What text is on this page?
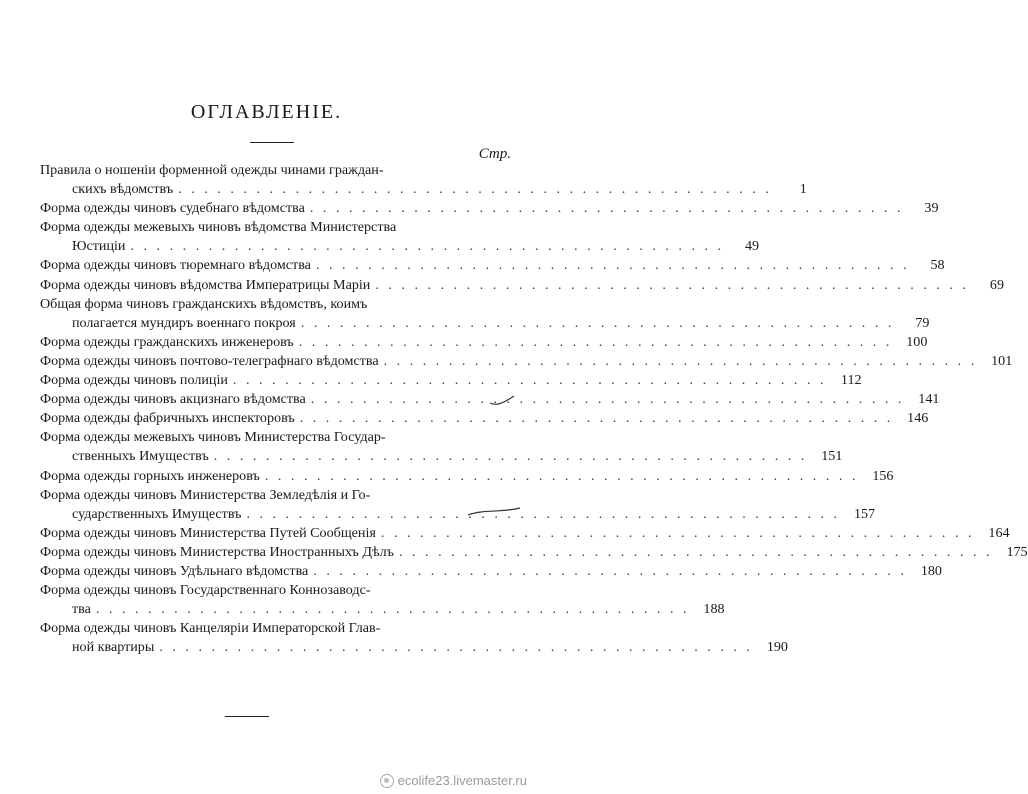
ОГЛАВЛЕНІЕ.
Стр.
Правила о ношеніи форменной одежды чинами граждан-
скихъ вѣдомствъ . . . . . . . . . . . . . . . . . . . . . . . . . . . . . . . . . . . . . . . . . . . . . .	1
Форма одежды чиновъ судебнаго вѣдомства . . . . . . . . . . . . . . . . . . . . . . . . . . . . . . . . . . . . . . . . . . . . . .	39
Форма одежды межевыхъ чиновъ вѣдомства Министерства
Юстиціи . . . . . . . . . . . . . . . . . . . . . . . . . . . . . . . . . . . . . . . . . . . . . .	49
Форма одежды чиновъ тюремнаго вѣдомства . . . . . . . . . . . . . . . . . . . . . . . . . . . . . . . . . . . . . . . . . . . . . .	58
Форма одежды чиновъ вѣдомства Императрицы Маріи . . . . . . . . . . . . . . . . . . . . . . . . . . . . . . . . . . . . . . . . . . . . . .	69
Общая форма чиновъ гражданскихъ вѣдомствъ, коимъ
полагается мундиръ военнаго покроя . . . . . . . . . . . . . . . . . . . . . . . . . . . . . . . . . . . . . . . . . . . . . .	79
Форма одежды гражданскихъ инженеровъ . . . . . . . . . . . . . . . . . . . . . . . . . . . . . . . . . . . . . . . . . . . . . . 100
Форма одежды чиновъ почтово-телеграфнаго вѣдомства . . . . . . . . . . . . . . . . . . . . . . . . . . . . . . . . . . . . . . . . . . . . . . 101
Форма одежды чиновъ полиціи . . . . . . . . . . . . . . . . . . . . . . . . . . . . . . . . . . . . . . . . . . . . . .	112
Форма одежды чиновъ акцизнаго вѣдомства . . . . . . . . . . . . . . . . . . . . . . . . . . . . . . . . . . . . . . . . . . . . . . 141
Форма одежды фабричныхъ инспекторовъ . . . . . . . . . . . . . . . . . . . . . . . . . . . . . . . . . . . . . . . . . . . . . . 146
Форма одежды межевыхъ чиновъ Министерства Государ-
ственныхъ Имуществъ . . . . . . . . . . . . . . . . . . . . . . . . . . . . . . . . . . . . . . . . . . . . . . 151
Форма одежды горныхъ инженеровъ . . . . . . . . . . . . . . . . . . . . . . . . . . . . . . . . . . . . . . . . . . . . . . 156
Форма одежды чиновъ Министерства Земледѣлія и Го-
сударственныхъ Имуществъ . . . . . . . . . . . . . . . . . . . . . . . . . . . . . . . . . . . . . . . . . . . . . . 157
Форма одежды чиновъ Министерства Путей Сообщенія . . . . . . . . . . . . . . . . . . . . . . . . . . . . . . . . . . . . . . . . . . . . . . 164
Форма одежды чиновъ Министерства Иностранныхъ Дѣлъ . . . . . . . . . . . . . . . . . . . . . . . . . . . . . . . . . . . . . . . . . . . . . . 175
Форма одежды чиновъ Удѣльнаго вѣдомства . . . . . . . . . . . . . . . . . . . . . . . . . . . . . . . . . . . . . . . . . . . . . . 180
Форма одежды чиновъ Государственнаго Коннозаводс-
тва . . . . . . . . . . . . . . . . . . . . . . . . . . . . . . . . . . . . . . . . . . . . . . 188
Форма одежды чиновъ Канцеляріи Императорской Глав-
ной квартиры . . . . . . . . . . . . . . . . . . . . . . . . . . . . . . . . . . . . . . . . . . . . . . 190
ecolife23.livemaster.ru
